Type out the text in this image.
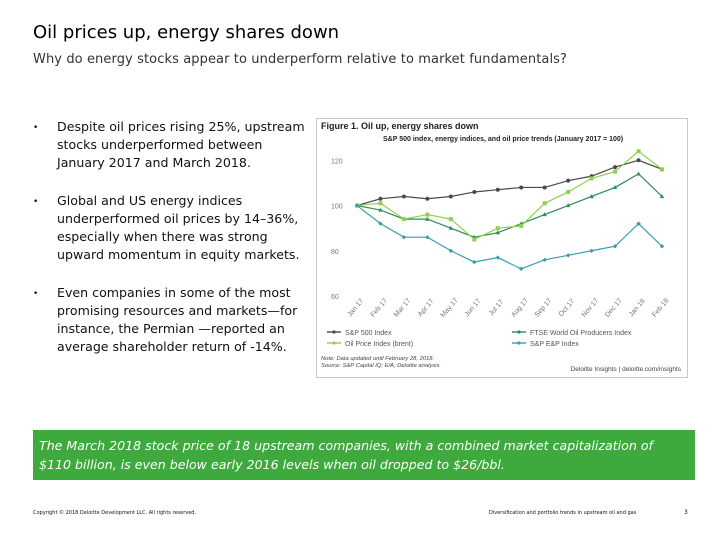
Oil prices up, energy shares down
Why do energy stocks appear to underperform relative to market fundamentals?
•	Despite oil prices rising 25%, upstream stocks underperformed between January 2017 and March 2018.
•	Global and US energy indices underperformed oil prices by 14–36%, especially when there was strong upward momentum in equity markets.
•	Even companies in some of the most promising resources and markets—for instance, the Permian —reported an average shareholder return of -14%.
60
80
100
120
Jan 17 Feb 17 Mar 17 Apr 17 May 17 Jun 17 Jul 17 Aug 17 Sep 17 Oct 17 Nov 17 Dec 17 Jan 18 Feb 18
S&P 500 Index	FTSE World Oil Producers Index
Oil Price Index (brent)	S&P E&P Index
Figure 1. Oil up, energy shares down
S&P 500 index, energy indices, and oil price trends (January 2017 = 100)
Note: Data updated until February 28, 2018.
Source: S&P Capital IQ; E/A; Deloitte analysis.	Deloitte Insights | deloitte.com/insights
The March 2018 stock price of 18 upstream companies, with a combined market capitalization of $110 billion, is even below early 2016 levels when oil dropped to $26/bbl.
Copyright © 2018 Deloitte Development LLC. All rights reserved.	Diversification and portfolio trends in upstream oil and gas	3
